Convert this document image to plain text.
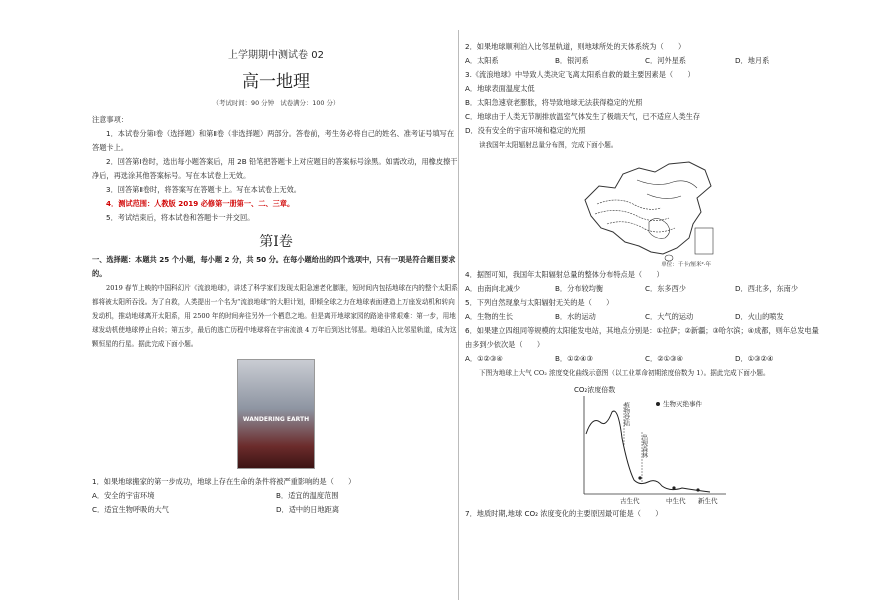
上学期期中测试卷 02
高一地理
（考试时间：90 分钟　试卷满分：100 分）

注意事项：

1．本试卷分第Ⅰ卷（选择题）和第Ⅱ卷（非选择题）两部分。答卷前，考生务必将自己的姓名、准考证号填写在答题卡上。

2．回答第Ⅰ卷时，选出每小题答案后，用 2B 铅笔把答题卡上对应题目的答案标号涂黑。如需改动，用橡皮擦干净后，再选涂其他答案标号。写在本试卷上无效。

3．回答第Ⅱ卷时，将答案写在答题卡上。写在本试卷上无效。

4．测试范围：人教版 2019 必修第一册第一、二、三章。

5．考试结束后，将本试卷和答题卡一并交回。

第Ⅰ卷

一、选择题：本题共 25 个小题，每小题 2 分，共 50 分。在每小题给出的四个选项中，只有一项是符合题目要求的。

2019 春节上映的中国科幻片《流浪地球》，讲述了科学家们发现太阳急速老化膨胀，短时间内包括地球在内的整个太阳系都将被太阳所吞没。为了自救，人类提出一个名为“流浪地球”的大胆计划，即倾全球之力在地球表面建造上万座发动机和转向发动机，推动地球离开太阳系，用 2500 年的时间奔往另外一个栖息之地。但是离开地球家园的路途非常艰难：第一步，用地球发动机使地球停止自转；第五步，最后的逃亡历程中地球将在宇宙流浪 4 万年后到达比邻星。地球泊入比邻星轨道，成为这颗恒星的行星。据此完成下面小题。

WANDERING EARTH

1．如果地球搬家的第一步成功，地球上存在生命的条件将被严重影响的是（　　）

A．安全的宇宙环境	B．适宜的温度范围
C．适宜生物呼吸的大气	D．适中的日地距离

2．如果地球顺利泊入比邻星轨道，则地球所处的天体系统为（　　）

A．太阳系	B．银河系	C．河外星系	D．地月系

3.《流浪地球》中导致人类决定飞离太阳系自救的最主要因素是（　　）

A．地球表面温度太低

B．太阳急速衰老膨胀，将导致地球无法获得稳定的光照

C．地球由于人类无节制排放温室气体发生了极端天气，已不适应人类生存

D．没有安全的宇宙环境和稳定的光照

读我国年太阳辐射总量分布图，完成下面小题。

单位：千卡/厘米²·年

4．据图可知，我国年太阳辐射总量的整体分布特点是（　　）

A．由南向北减少	B．分布较均衡	C．东多西少	D．西北多，东南少

5．下列自然现象与太阳辐射无关的是（　　）

A．生物的生长	B．水的运动	C．大气的运动	D．火山的喷发

6．如果建立四组同等规模的太阳能发电站，其地点分别是：①拉萨；②新疆；③哈尔滨；④成都，则年总发电量由多到少依次是（　　）

A．①②③④	B．①②④③	C．②①③④	D．①③②④

下图为地球上大气 CO₂ 浓度变化曲线示意图（以工业革命初期浓度倍数为 1）。据此完成下面小题。

CO₂浓度倍数
植物登陆
出现森林
生物灭绝事件
古生代	中生代 新生代

7．地质时期,地球 CO₂ 浓度变化的主要原因最可能是（　　）
